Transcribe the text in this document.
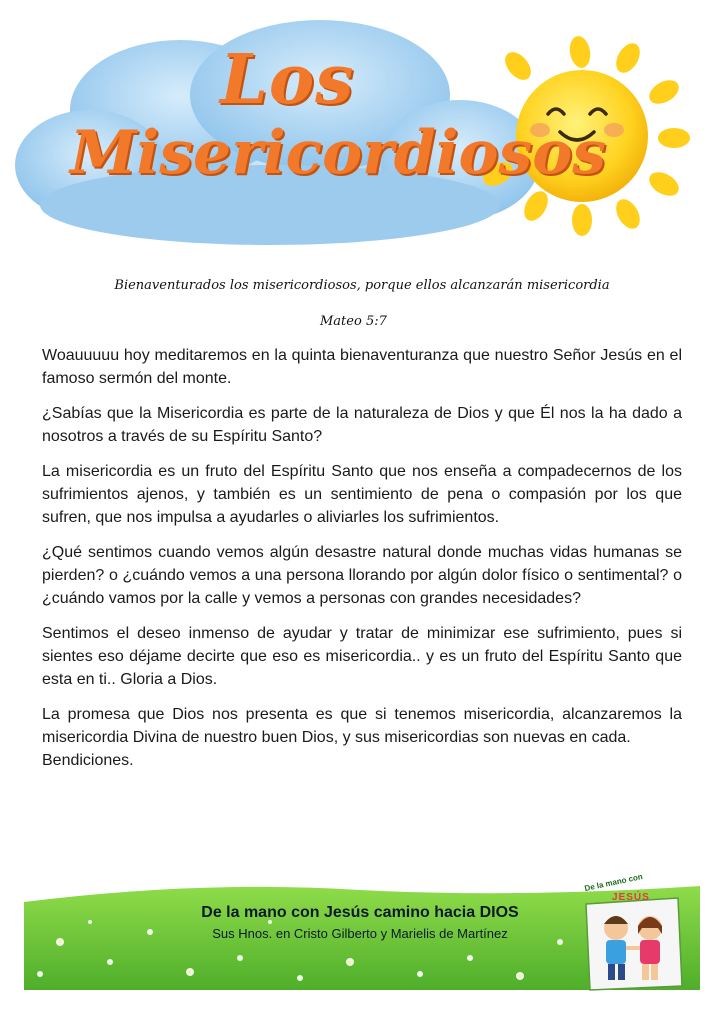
Los
Misericordiosos
Bienaventurados los misericordiosos, porque ellos alcanzarán misericordia
Mateo 5:7

Woauuuuu hoy meditaremos en la quinta bienaventuranza que nuestro Señor Jesús en el famoso sermón del monte.

¿Sabías que la Misericordia es parte de la naturaleza de Dios y que Él nos la ha dado a nosotros a través de su Espíritu Santo?

La misericordia es un fruto del Espíritu Santo que nos enseña a compadecernos de los sufrimientos ajenos, y también es un sentimiento de pena o compasión por los que sufren, que nos impulsa a ayudarles o aliviarles los sufrimientos.

¿Qué sentimos cuando vemos algún desastre natural donde muchas vidas humanas se pierden? o ¿cuándo vemos a una persona llorando por algún dolor físico o sentimental? o ¿cuándo vamos por la calle y vemos a personas con grandes necesidades?

Sentimos el deseo inmenso de ayudar y tratar de minimizar ese sufrimiento, pues si sientes eso déjame decirte que eso es misericordia.. y es un fruto del Espíritu Santo que esta en ti.. Gloria a Dios.

La promesa que Dios nos presenta es que si tenemos misericordia, alcanzaremos la misericordia Divina de nuestro buen Dios, y sus misericordias son nuevas en cada.

Bendiciones.

De la mano con Jesús camino hacia DIOS
Sus Hnos. en Cristo Gilberto y Marielis de Martínez
De la mano con
JESÚS
